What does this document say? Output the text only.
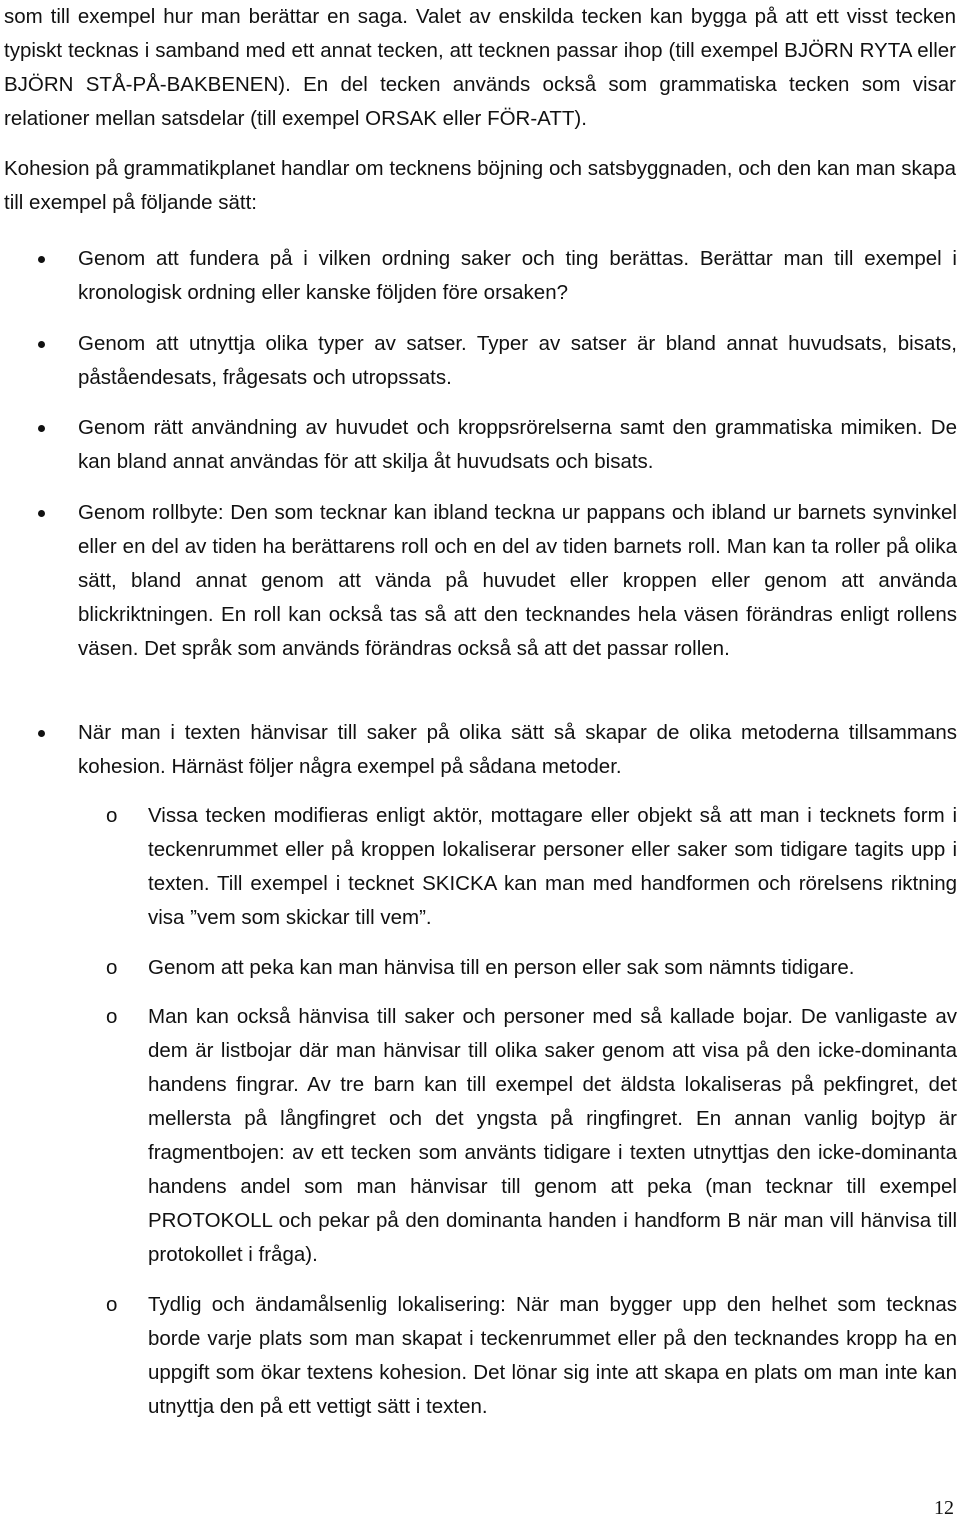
som till exempel hur man berättar en saga. Valet av enskilda tecken kan bygga på att ett visst tecken typiskt tecknas i samband med ett annat tecken, att tecknen passar ihop (till exempel BJÖRN RYTA eller BJÖRN STÅ-PÅ-BAKBENEN). En del tecken används också som grammatiska tecken som visar relationer mellan satsdelar (till exempel ORSAK eller FÖR-ATT).

Kohesion på grammatikplanet handlar om tecknens böjning och satsbyggnaden, och den kan man skapa till exempel på följande sätt:

Genom att fundera på i vilken ordning saker och ting berättas. Berättar man till exempel i kronologisk ordning eller kanske följden före orsaken?

Genom att utnyttja olika typer av satser. Typer av satser är bland annat huvudsats, bisats, påståendesats, frågesats och utropssats.

Genom rätt användning av huvudet och kroppsrörelserna samt den grammatiska mimiken. De kan bland annat användas för att skilja åt huvudsats och bisats.

Genom rollbyte: Den som tecknar kan ibland teckna ur pappans och ibland ur barnets synvinkel eller en del av tiden ha berättarens roll och en del av tiden barnets roll. Man kan ta roller på olika sätt, bland annat genom att vända på huvudet eller kroppen eller genom att använda blickriktningen. En roll kan också tas så att den tecknandes hela väsen förändras enligt rollens väsen. Det språk som används förändras också så att det passar rollen.

När man i texten hänvisar till saker på olika sätt så skapar de olika metoderna tillsammans kohesion. Härnäst följer några exempel på sådana metoder.

o Vissa tecken modifieras enligt aktör, mottagare eller objekt så att man i tecknets form i teckenrummet eller på kroppen lokaliserar personer eller saker som tidigare tagits upp i texten. Till exempel i tecknet SKICKA kan man med handformen och rörelsens riktning visa ”vem som skickar till vem”.

o Genom att peka kan man hänvisa till en person eller sak som nämnts tidigare.

o Man kan också hänvisa till saker och personer med så kallade bojar. De vanligaste av dem är listbojar där man hänvisar till olika saker genom att visa på den icke-dominanta handens fingrar. Av tre barn kan till exempel det äldsta lokaliseras på pekfingret, det mellersta på långfingret och det yngsta på ringfingret. En annan vanlig bojtyp är fragmentbojen: av ett tecken som använts tidigare i texten utnyttjas den icke-dominanta handens andel som man hänvisar till genom att peka (man tecknar till exempel PROTOKOLL och pekar på den dominanta handen i handform B när man vill hänvisa till protokollet i fråga).

o Tydlig och ändamålsenlig lokalisering: När man bygger upp den helhet som tecknas borde varje plats som man skapat i teckenrummet eller på den tecknandes kropp ha en uppgift som ökar textens kohesion. Det lönar sig inte att skapa en plats om man inte kan utnyttja den på ett vettigt sätt i texten.

12
